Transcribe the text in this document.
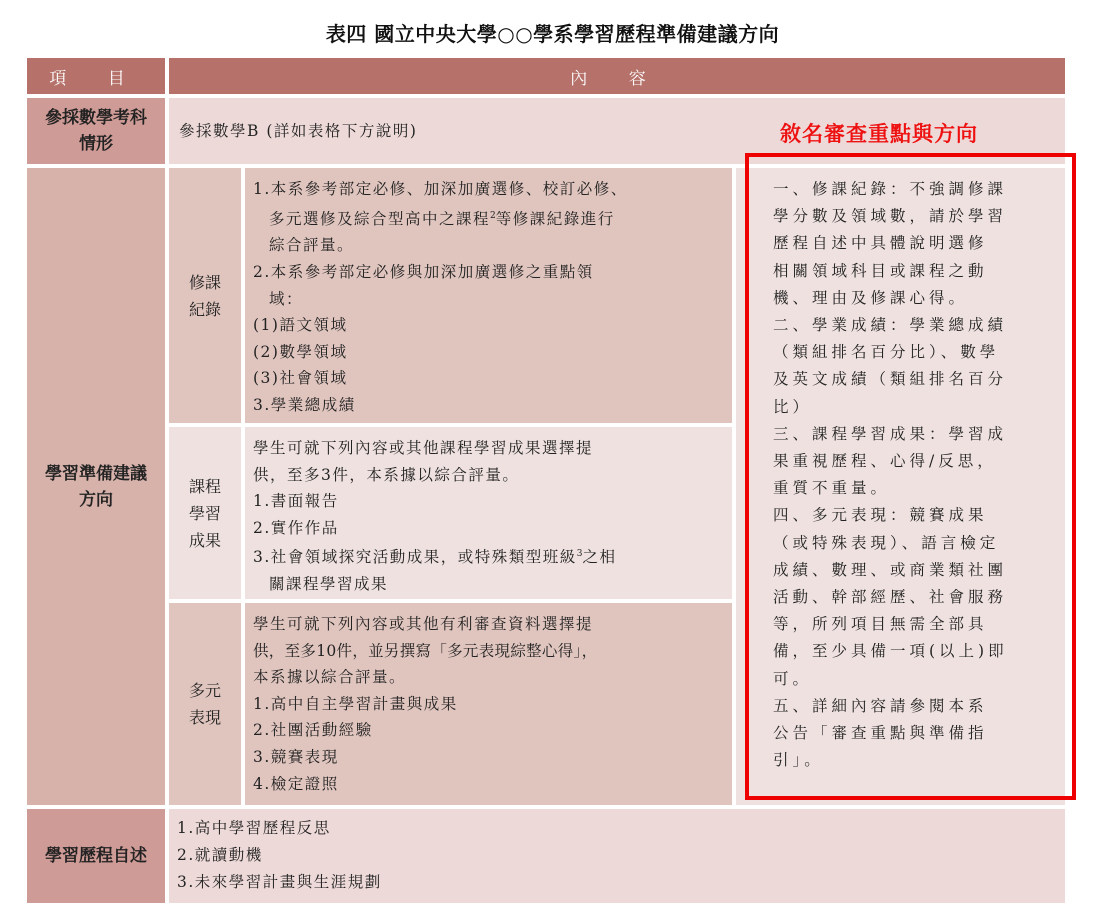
表四 國立中央大學○○學系學習歷程準備建議方向
項 目	內 容
參採數學考科
情形
參採數學B (詳如表格下方說明)
學習準備建議
方向
修課
紀錄
1.本系參考部定必修、加深加廣選修、校訂必修、
多元選修及綜合型高中之課程$^2$等修課紀錄進行
綜合評量。
2.本系參考部定必修與加深加廣選修之重點領
域：
(1)語文領域
(2)數學領域
(3)社會領域
3.學業總成績
課程
學習
成果
學生可就下列內容或其他課程學習成果選擇提
供，至多3件，本系據以綜合評量。
1.書面報告
2.實作作品
3.社會領域探究活動成果，或特殊類型班級$^3$之相
關課程學習成果
多元
表現
學生可就下列內容或其他有利審查資料選擇提
供，至多10件，並另撰寫「多元表現綜整心得」，
本系據以綜合評量。
1.高中自主學習計畫與成果
2.社團活動經驗
3.競賽表現
4.檢定證照
學習歷程自述
1.高中學習歷程反思
2.就讀動機
3.未來學習計畫與生涯規劃
敘名審查重點與方向
一、修課紀錄：不強調修課
學分數及領域數，請於學習
歷程自述中具體說明選修
相關領域科目或課程之動
機、理由及修課心得。
二、學業成績：學業總成績
（類組排名百分比）、數學
及英文成績（類組排名百分
比）
三、課程學習成果：學習成
果重視歷程、心得/反思，
重質不重量。
四、多元表現：競賽成果
（或特殊表現）、語言檢定
成績、數理、或商業類社團
活動、幹部經歷、社會服務
等，所列項目無需全部具
備，至少具備一項(以上)即
可。
五、詳細內容請參閱本系
公告「審查重點與準備指
引」。
